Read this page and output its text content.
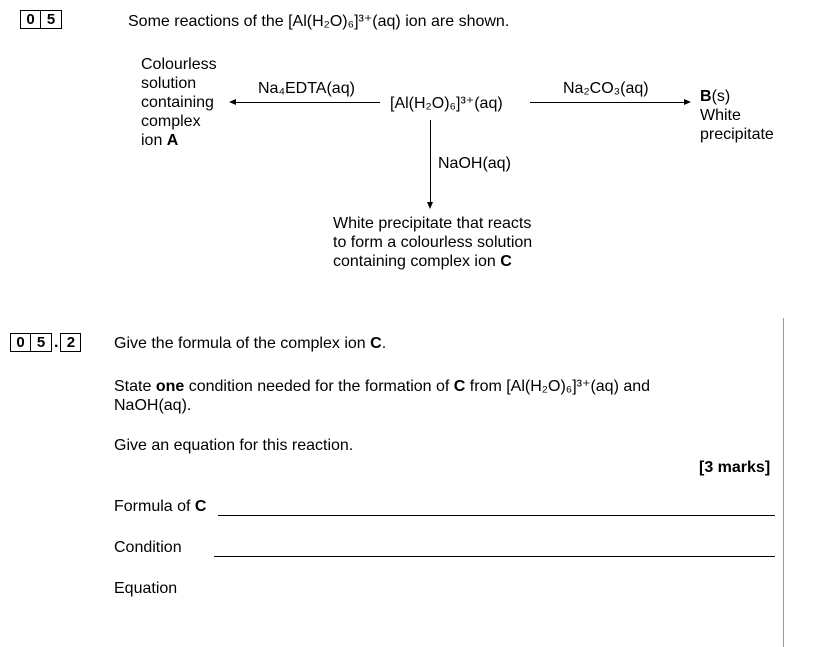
0 5	Some reactions of the [Al(H₂O)₆]³⁺(aq) ion are shown.
Colourless
solution
containing
complex
ion A
Na₄EDTA(aq)
[Al(H₂O)₆]³⁺(aq)
Na₂CO₃(aq)	B(s)
White
precipitate
NaOH(aq)
White precipitate that reacts
to form a colourless solution
containing complex ion C
0 5 . 2	Give the formula of the complex ion C.
State one condition needed for the formation of C from [Al(H₂O)₆]³⁺(aq) and
NaOH(aq).
Give an equation for this reaction.
[3 marks]
Formula of C
Condition
Equation
